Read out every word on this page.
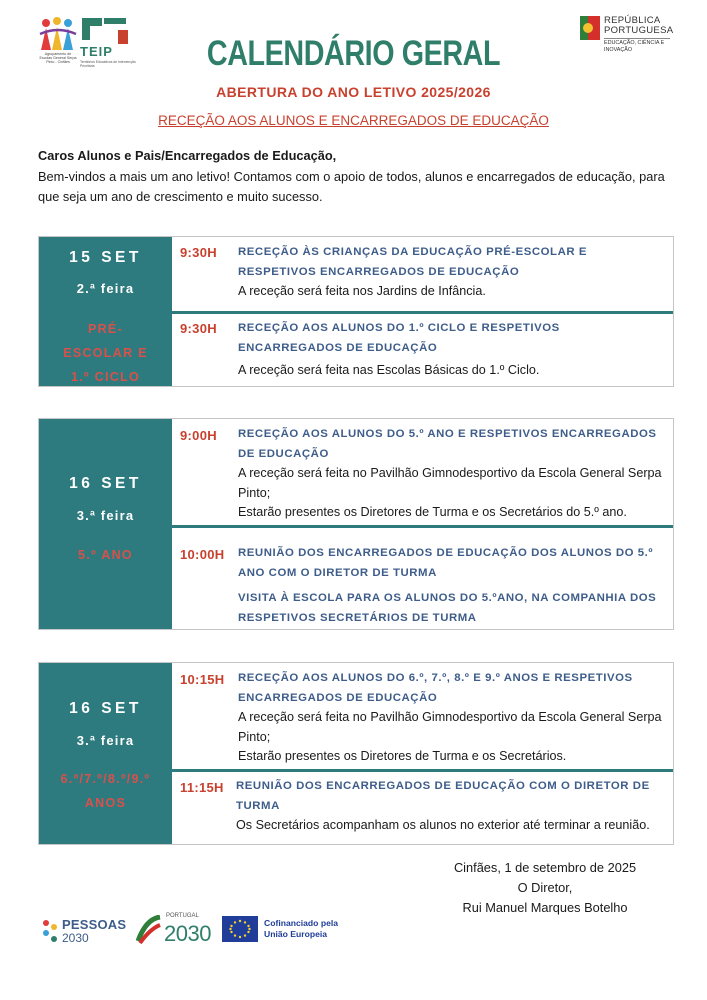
Agrupamento de Escolas General Serpa Pinto - Cinfães
TEIP
Territórios Educativos de Intervenção Prioritária
REPÚBLICA PORTUGUESA
EDUCAÇÃO, CIÊNCIA E INOVAÇÃO
CALENDÁRIO GERAL
ABERTURA DO ANO LETIVO 2025/2026
RECEÇÃO AOS ALUNOS E ENCARREGADOS DE EDUCAÇÃO
Caros Alunos e Pais/Encarregados de Educação,
Bem-vindos a mais um ano letivo! Contamos com o apoio de todos, alunos e encarregados de educação, para que seja um ano de crescimento e muito sucesso.
15 SET
2.ª feira
PRÉ-ESCOLAR E 1.º CICLO
9:30H RECEÇÃO ÀS CRIANÇAS DA EDUCAÇÃO PRÉ-ESCOLAR E RESPETIVOS ENCARREGADOS DE EDUCAÇÃO
A receção será feita nos Jardins de Infância.
9:30H RECEÇÃO AOS ALUNOS DO 1.º CICLO E RESPETIVOS ENCARREGADOS DE EDUCAÇÃO
A receção será feita nas Escolas Básicas do 1.º Ciclo.
16 SET
3.ª feira
5.º ANO
9:00H RECEÇÃO AOS ALUNOS DO 5.º ANO E RESPETIVOS ENCARREGADOS DE EDUCAÇÃO
A receção será feita no Pavilhão Gimnodesportivo da Escola General Serpa Pinto;
Estarão presentes os Diretores de Turma e os Secretários do 5.º ano.
10:00H REUNIÃO DOS ENCARREGADOS DE EDUCAÇÃO DOS ALUNOS DO 5.º ANO COM O DIRETOR DE TURMA
VISITA À ESCOLA PARA OS ALUNOS DO 5.ºANO, NA COMPANHIA DOS RESPETIVOS SECRETÁRIOS DE TURMA
16 SET
3.ª feira
6.º/7.º/8.º/9.º ANOS
10:15H RECEÇÃO AOS ALUNOS DO 6.º, 7.º, 8.º E 9.º ANOS E RESPETIVOS ENCARREGADOS DE EDUCAÇÃO
A receção será feita no Pavilhão Gimnodesportivo da Escola General Serpa Pinto;
Estarão presentes os Diretores de Turma e os Secretários.
11:15H REUNIÃO DOS ENCARREGADOS DE EDUCAÇÃO COM O DIRETOR DE TURMA
Os Secretários acompanham os alunos no exterior até terminar a reunião.
Cinfães, 1 de setembro de 2025
O Diretor,
Rui Manuel Marques Botelho
PESSOAS
2030
PORTUGAL
2030	Cofinanciado pela União Europeia
